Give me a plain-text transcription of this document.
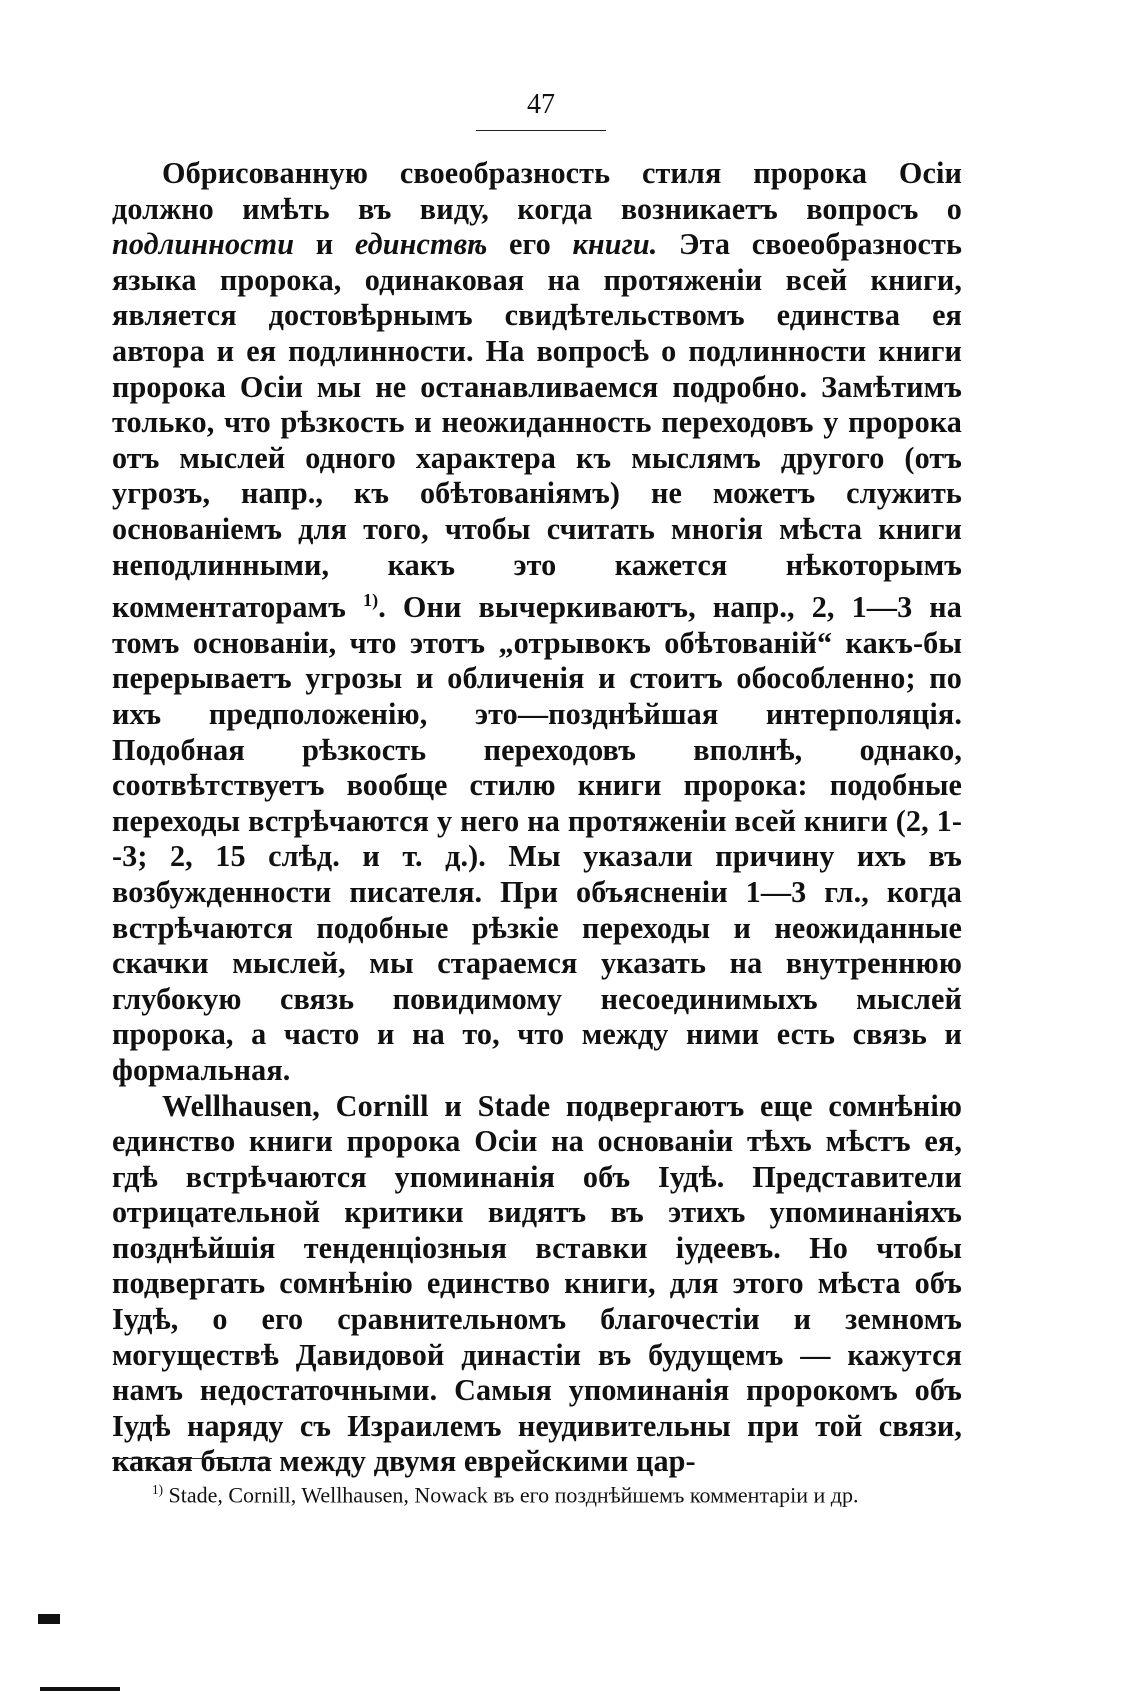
47

Обрисованную своеобразность стиля пророка Осіи должно имѣть въ виду, когда возникаетъ вопросъ о подлинности и единствѣ его книги. Эта своеобразность языка пророка, одинаковая на протяженіи всей книги, является достовѣрнымъ свидѣтельствомъ единства ея автора и ея подлинности. На вопросѣ о подлинности книги пророка Осіи мы не останавливаемся подробно. Замѣтимъ только, что рѣзкость и неожиданность переходовъ у пророка отъ мыслей одного характера къ мыслямъ другого (отъ угрозъ, напр., къ обѣтованіямъ) не можетъ служить основаніемъ для того, чтобы считать многія мѣста книги неподлинными, какъ это кажется нѣкоторымъ комментаторамъ $^{1)}$. Они вычеркиваютъ, напр., 2, 1—3 на томъ основаніи, что этотъ „отрывокъ обѣтованій“ какъ-бы перерываетъ угрозы и обличенія и стоитъ обособленно; по ихъ предположенію, это—позднѣйшая интерполяція. Подобная рѣзкость переходовъ вполнѣ, однако, соотвѣтствуетъ вообще стилю книги пророка: подобные переходы встрѣчаются у него на протяженіи всей книги (2, 1--3; 2, 15 слѣд. и т. д.). Мы указали причину ихъ въ возбужденности писателя. При объясненіи 1—3 гл., когда встрѣчаются подобные рѣзкіе переходы и неожиданные скачки мыслей, мы стараемся указать на внутреннюю глубокую связь повидимому несоединимыхъ мыслей пророка, а часто и на то, что между ними есть связь и формальная.

Wellhausen, Cornill и Stade подвергаютъ еще сомнѣнію единство книги пророка Осіи на основаніи тѣхъ мѣстъ ея, гдѣ встрѣчаются упоминанія объ Іудѣ. Представители отрицательной критики видятъ въ этихъ упоминаніяхъ позднѣйшія тенденціозныя вставки іудеевъ. Но чтобы подвергать сомнѣнію единство книги, для этого мѣста объ Іудѣ, о его сравнительномъ благочестіи и земномъ могуществѣ Давидовой династіи въ будущемъ — кажутся намъ недостаточными. Самыя упоминанія пророкомъ объ Іудѣ наряду съ Израилемъ неудивительны при той связи, какая была между двумя еврейскими цар-

$^{1)}$ Stade, Cornill, Wellhausen, Nowack въ его позднѣйшемъ комментаріи и др.
